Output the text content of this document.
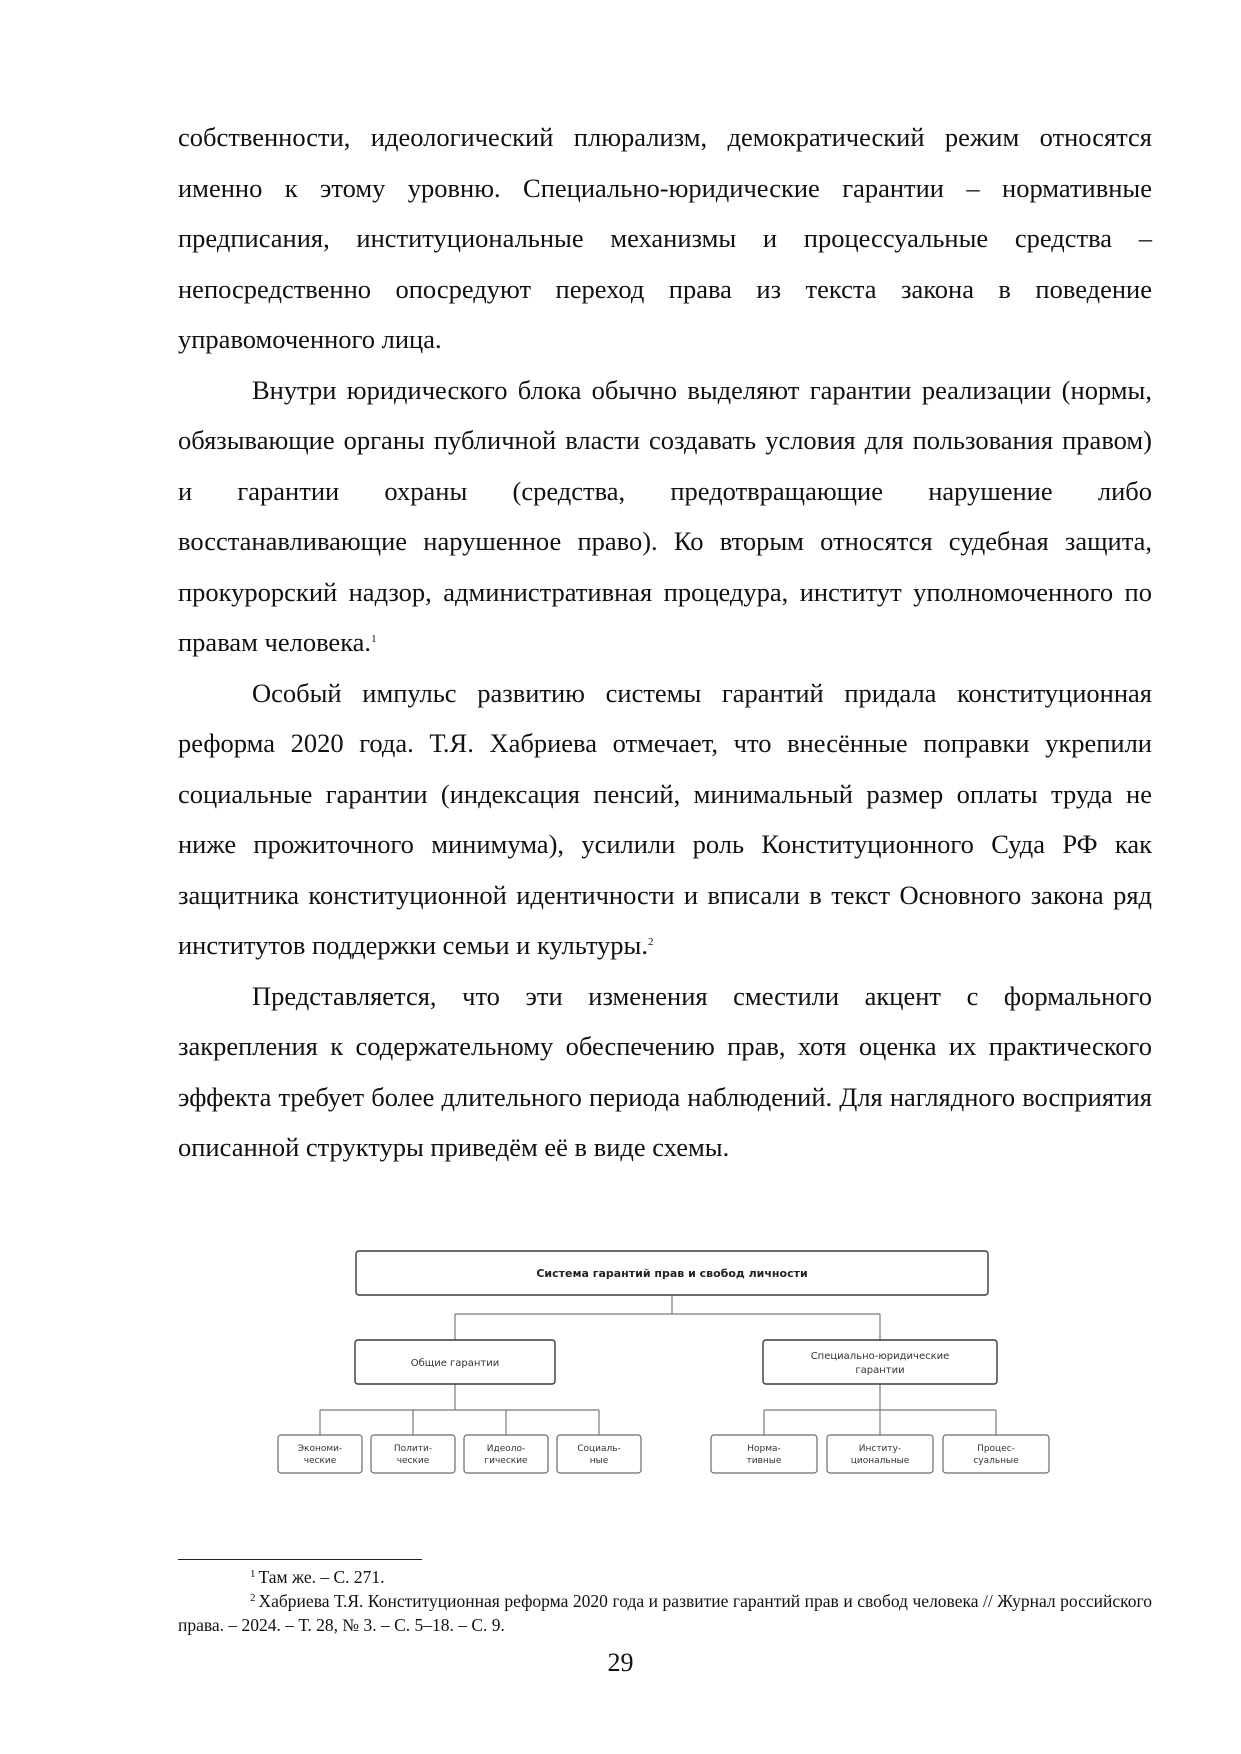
собственности, идеологический плюрализм, демократический режим относятся именно к этому уровню. Специально-юридические гарантии – нормативные предписания, институциональные механизмы и процессуальные средства – непосредственно опосредуют переход права из текста закона в поведение управомоченного лица.

Внутри юридического блока обычно выделяют гарантии реализации (нормы, обязывающие органы публичной власти создавать условия для пользования правом) и гарантии охраны (средства, предотвращающие нарушение либо восстанавливающие нарушенное право). Ко вторым относятся судебная защита, прокурорский надзор, административная процедура, институт уполномоченного по правам человека.$^1$

Особый импульс развитию системы гарантий придала конституционная реформа 2020 года. Т.Я. Хабриева отмечает, что внесённые поправки укрепили социальные гарантии (индексация пенсий, минимальный размер оплаты труда не ниже прожиточного минимума), усилили роль Конституционного Суда РФ как защитника конституционной идентичности и вписали в текст Основного закона ряд институтов поддержки семьи и культуры.$^2$

Представляется, что эти изменения сместили акцент с формального закрепления к содержательному обеспечению прав, хотя оценка их практического эффекта требует более длительного периода наблюдений. Для наглядного восприятия описанной структуры приведём её в виде схемы.

Система гарантий прав и свобод личности
Общие гарантии
Специально-юридические
гарантии
Экономи-
ческие
Полити-
ческие
Идеоло-
гические
Социаль-
ные
Норма-
тивные
Институ-
циональные
Процес-
суальные

$^1$ Там же. – С. 271.

$^2$ Хабриева Т.Я. Конституционная реформа 2020 года и развитие гарантий прав и свобод человека // Журнал российского права. – 2024. – Т. 28, № 3. – С. 5–18. – С. 9.

29
